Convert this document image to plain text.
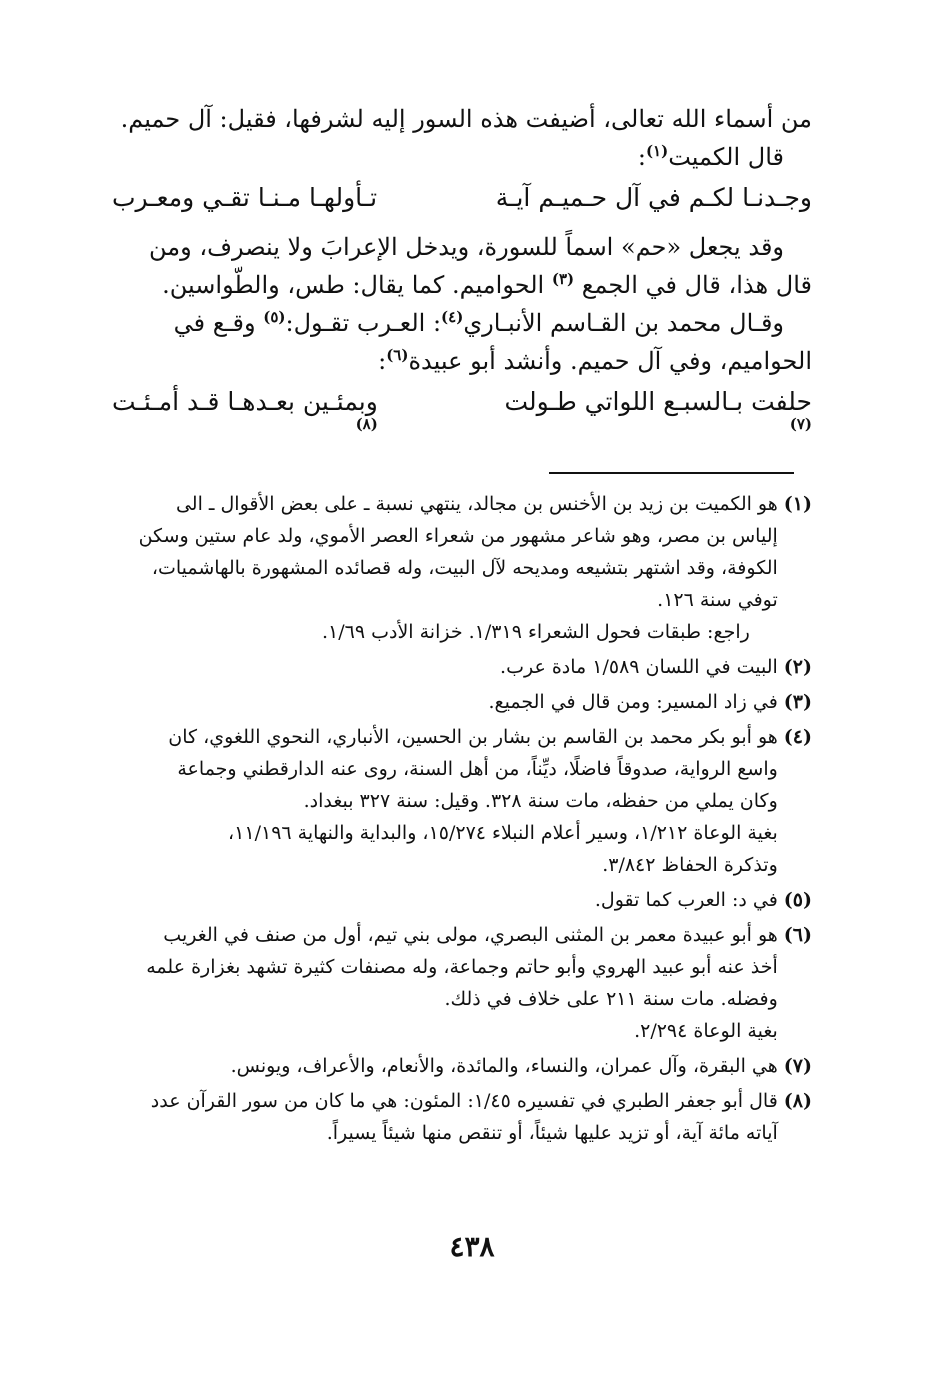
من أسماء الله تعالى، أضيفت هذه السور إليه لشرفها، فقيل: آل حميم.
قال الكميت$^{(١)}$:
وجـدنـا لكـم في آل حـميـم آيـة
تـأولهـا مـنـا تقـي ومعـرب
وقد يجعل «حم» اسماً للسورة، ويدخل الإعرابَ ولا ينصرف، ومن
قال هذا، قال في الجمع $^{(٣)}$ الحواميم. كما يقال: طس، والطّواسين.
وقـال محمد بن القـاسم الأنبـاري$^{(٤)}$: العـرب تقـول:$^{(٥)}$ وقـع في
الحواميم، وفي آل حميم. وأنشد أبو عبيدة$^{(٦)}$:
حلفت بـالسبـع اللواتي طـولت
(٧)
وبمئـين بعـدهـا قـد أمـئـت
(٨)
(١)
هو الكميت بن زيد بن الأخنس بن مجالد، ينتهي نسبة ـ على بعض الأقوال ـ الى
إلياس بن مصر، وهو شاعر مشهور من شعراء العصر الأموي، ولد عام ستين وسكن
الكوفة، وقد اشتهر بتشيعه ومديحه لآل البيت، وله قصائده المشهورة بالهاشميات،
توفي سنة ١٢٦.
راجع: طبقات فحول الشعراء ١/٣١٩. خزانة الأدب ١/٦٩.
(٢)
البيت في اللسان ١/٥٨٩ مادة عرب.
(٣)
في زاد المسير: ومن قال في الجميع.
(٤)
هو أبو بكر محمد بن القاسم بن بشار بن الحسين، الأنباري، النحوي اللغوي، كان
واسع الرواية، صدوقاً فاضلًا، ديِّناً، من أهل السنة، روى عنه الدارقطني وجماعة
وكان يملي من حفظه، مات سنة ٣٢٨. وقيل: سنة ٣٢٧ ببغداد.
بغية الوعاة ١/٢١٢، وسير أعلام النبلاء ١٥/٢٧٤، والبداية والنهاية ١١/١٩٦،
وتذكرة الحفاظ ٣/٨٤٢.
(٥)
في د: العرب كما تقول.
(٦)
هو أبو عبيدة معمر بن المثنى البصري، مولى بني تيم، أول من صنف في الغريب
أخذ عنه أبو عبيد الهروي وأبو حاتم وجماعة، وله مصنفات كثيرة تشهد بغزارة علمه
وفضله. مات سنة ٢١١ على خلاف في ذلك.
بغية الوعاة ٢/٢٩٤.
(٧)
هي البقرة، وآل عمران، والنساء، والمائدة، والأنعام، والأعراف، ويونس.
(٨)
قال أبو جعفر الطبري في تفسيره ١/٤٥: المئون: هي ما كان من سور القرآن عدد
آياته مائة آية، أو تزيد عليها شيئاً، أو تنقص منها شيئاً يسيراً.
٤٣٨
